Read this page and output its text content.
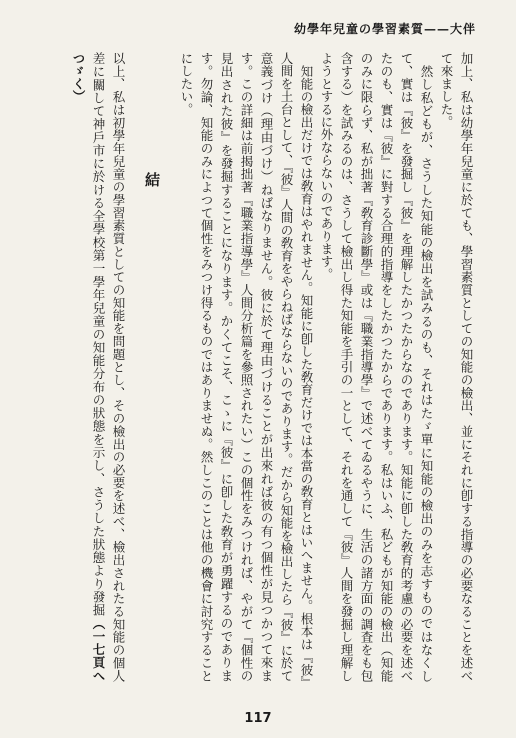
幼學年兒童の學習素質——大伴

加上、私は幼學年兒童に於ても、學習素質としての知能の檢出、並にそれに卽する指導の必要なることを述べて來ました。

然し私どもが、さうした知能の檢出を試みるのも、それはたゞ單に知能の檢出のみを志すものではなくして、實は『彼』を發掘し『彼』を理解したかつたからなのであります。知能に卽した敎育的考慮の必要を述べたのも、實は『彼』に對する合理的指導をしたかつたからであります。私はいふ、私どもが知能の檢出（知能のみに限らず、私が拙著『敎育診斷學』或は『職業指導學』で述べてゐるやうに、生活の諸方面の調査をも包含する）を試みるのは、さうして檢出し得た知能を手引の一として、それを通して『彼』人間を發掘し理解しようとするに外ならないのであります。

知能の檢出だけでは敎育はやれません。知能に卽した敎育だけでは本當の敎育とはいへません。根本は『彼』人間を土台として、『彼』人間の敎育をやらねばならないのであります。だから知能を檢出したら『彼』に於て意義づけ（理由づけ）ねばなりません。彼に於て理由づけることが出來れば彼の有つ個性が見つかつて來ます。この詳細は前揭拙著『職業指導學』人間分析篇を參照されたい）この個性をみつければ、やがて『個性の見出された彼』を發掘することになります。かくてこそ、こゝに『彼』に卽した敎育が勇躍するのであります。勿論、知能のみによつて個性をみつけ得るものではありませぬ。然しこのことは他の機會に討究することにしたい。

結

以上、私は初學年兒童の學習素質としての知能を問題とし、その檢出の必要を述べ、檢出されたる知能の個人差に關して神戶市に於ける全學校第一學年兒童の知能分布の狀態を示し、さうした狀態より發掘（一七頁へつゞく）

117
